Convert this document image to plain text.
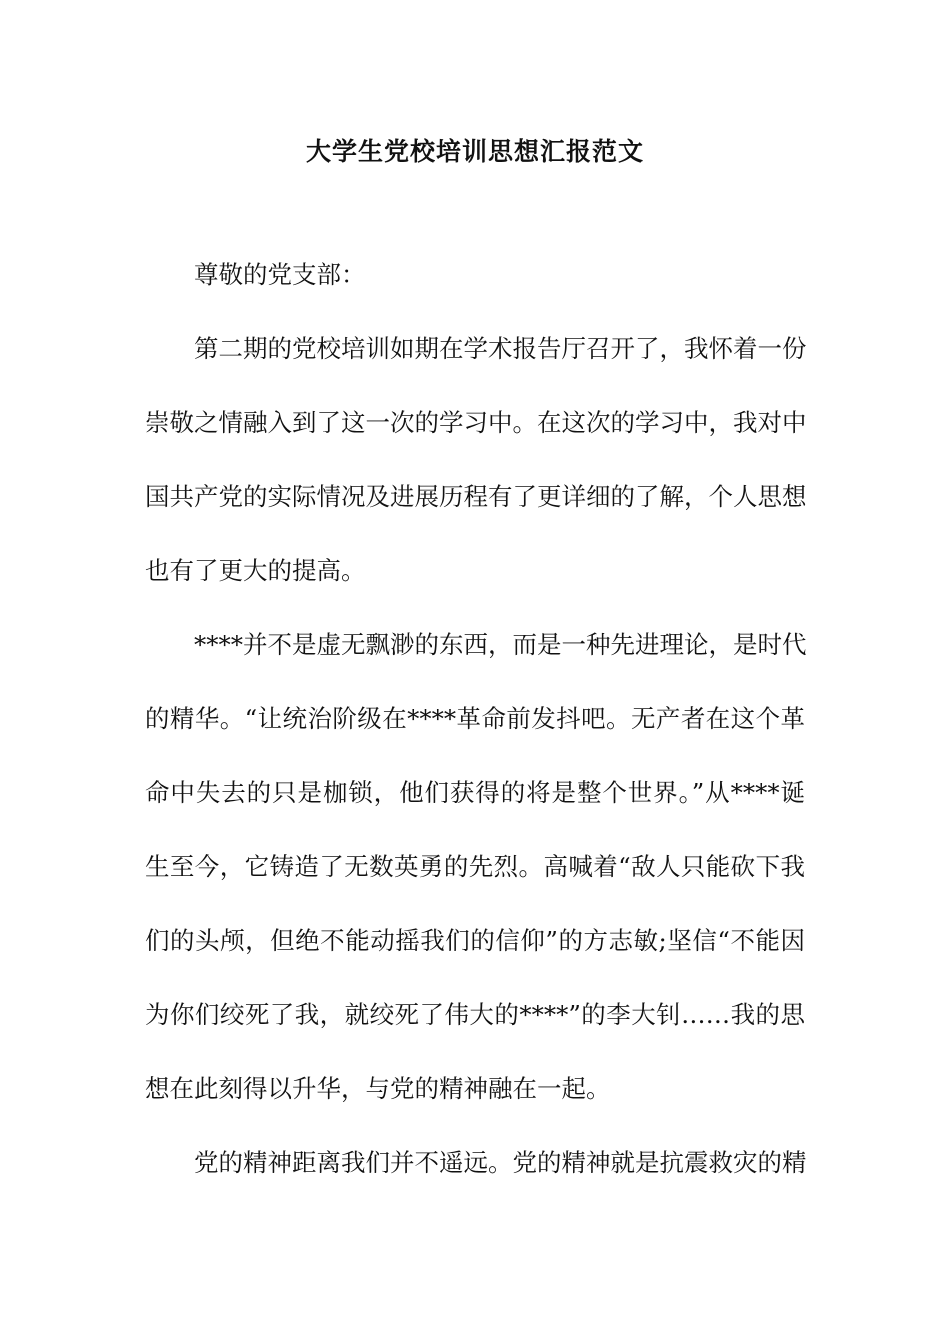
大学生党校培训思想汇报范文
尊敬的党支部：
第二期的党校培训如期在学术报告厅召开了，我怀着一份
崇敬之情融入到了这一次的学习中。在这次的学习中，我对中
国共产党的实际情况及进展历程有了更详细的了解，个人思想
也有了更大的提高。
****并不是虚无飘渺的东西，而是一种先进理论，是时代
的精华。“让统治阶级在****革命前发抖吧。无产者在这个革
命中失去的只是枷锁，他们获得的将是整个世界。”从****诞
生至今，它铸造了无数英勇的先烈。高喊着“敌人只能砍下我
们的头颅，但绝不能动摇我们的信仰”的方志敏;坚信“不能因
为你们绞死了我，就绞死了伟大的****”的李大钊……我的思
想在此刻得以升华，与党的精神融在一起。
党的精神距离我们并不遥远。党的精神就是抗震救灾的精
